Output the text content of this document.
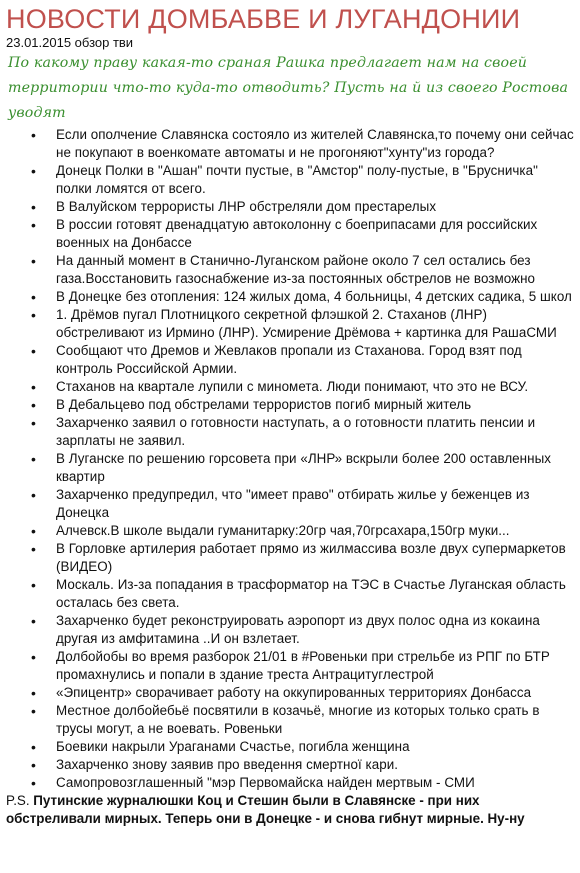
НОВОСТИ ДОМБАБВЕ И ЛУГАНДОНИИ
23.01.2015 обзор тви
По какому праву какая-то сраная Рашка предлагает нам на своей территории что-то куда-то отводить? Пусть на й из своего Ростова уводят
• Если ополчение Славянска состояло из жителей Славянска,то почему они сейчас не покупают в военкомате автоматы и не прогоняют"хунту"из города?
• Донецк Полки в "Ашан" почти пустые, в "Амстор" полу-пустые, в "Брусничка" полки ломятся от всего.
• В Валуйском террористы ЛНР обстреляли дом престарелых
• В россии готовят двенадцатую автоколонну с боеприпасами для российских военных на Донбассе
• На данный момент в Станично-Луганском районе около 7 сел остались без газа.Восстановить газоснабжение из-за постоянных обстрелов не возможно
• В Донецке без отопления: 124 жилых дома, 4 больницы, 4 детских садика, 5 школ
• 1. Дрёмов пугал Плотницкого секретной флэшкой 2. Стаханов (ЛНР) обстреливают из Ирмино (ЛНР). Усмирение Дрёмова + картинка для РашаСМИ
• Сообщают что Дремов и Жевлаков пропали из Стаханова. Город взят под контроль Российской Армии.
• Стаханов на квартале лупили с миномета. Люди понимают, что это не ВСУ.
• В Дебальцево под обстрелами террористов погиб мирный житель
• Захарченко заявил о готовности наступать, а о готовности платить пенсии и зарплаты не заявил.
• В Луганске по решению горсовета при «ЛНР» вскрыли более 200 оставленных квартир
• Захарченко предупредил, что "имеет право" отбирать жилье у беженцев из Донецка
• Алчевск.В школе выдали гуманитарку:20гр чая,70грсахара,150гр муки...
• В Горловке артилерия работает прямо из жилмассива возле двух супермаркетов (ВИДЕО)
• Москаль. Из-за попадания в трасформатор на ТЭС в Счастье Луганская область осталась без света.
• Захарченко будет реконструировать аэропорт из двух полос одна из кокаина другая из амфитамина ..И он взлетает.
• Долбойобы во время разборок 21/01 в #Ровеньки при стрельбе из РПГ по БТР промахнулись и попали в здание треста Антрацитуглестрой
• «Эпицентр» сворачивает работу на оккупированных территориях Донбасса
• Местное долбойебьё посвятили в козачьё, многие из которых только срать в трусы могут, а не воевать. Ровеньки
• Боевики накрыли Ураганами Счастье, погибла женщина
• Захарченко знову заявив про введення смертної кари.
• Самопровозглашенный "мэр Первомайска найден мертвым - СМИ

P.S. Путинские журналюшки Коц и Стешин были в Славянске - при них обстреливали мирных. Теперь они в Донецке - и снова гибнут мирные. Ну-ну
